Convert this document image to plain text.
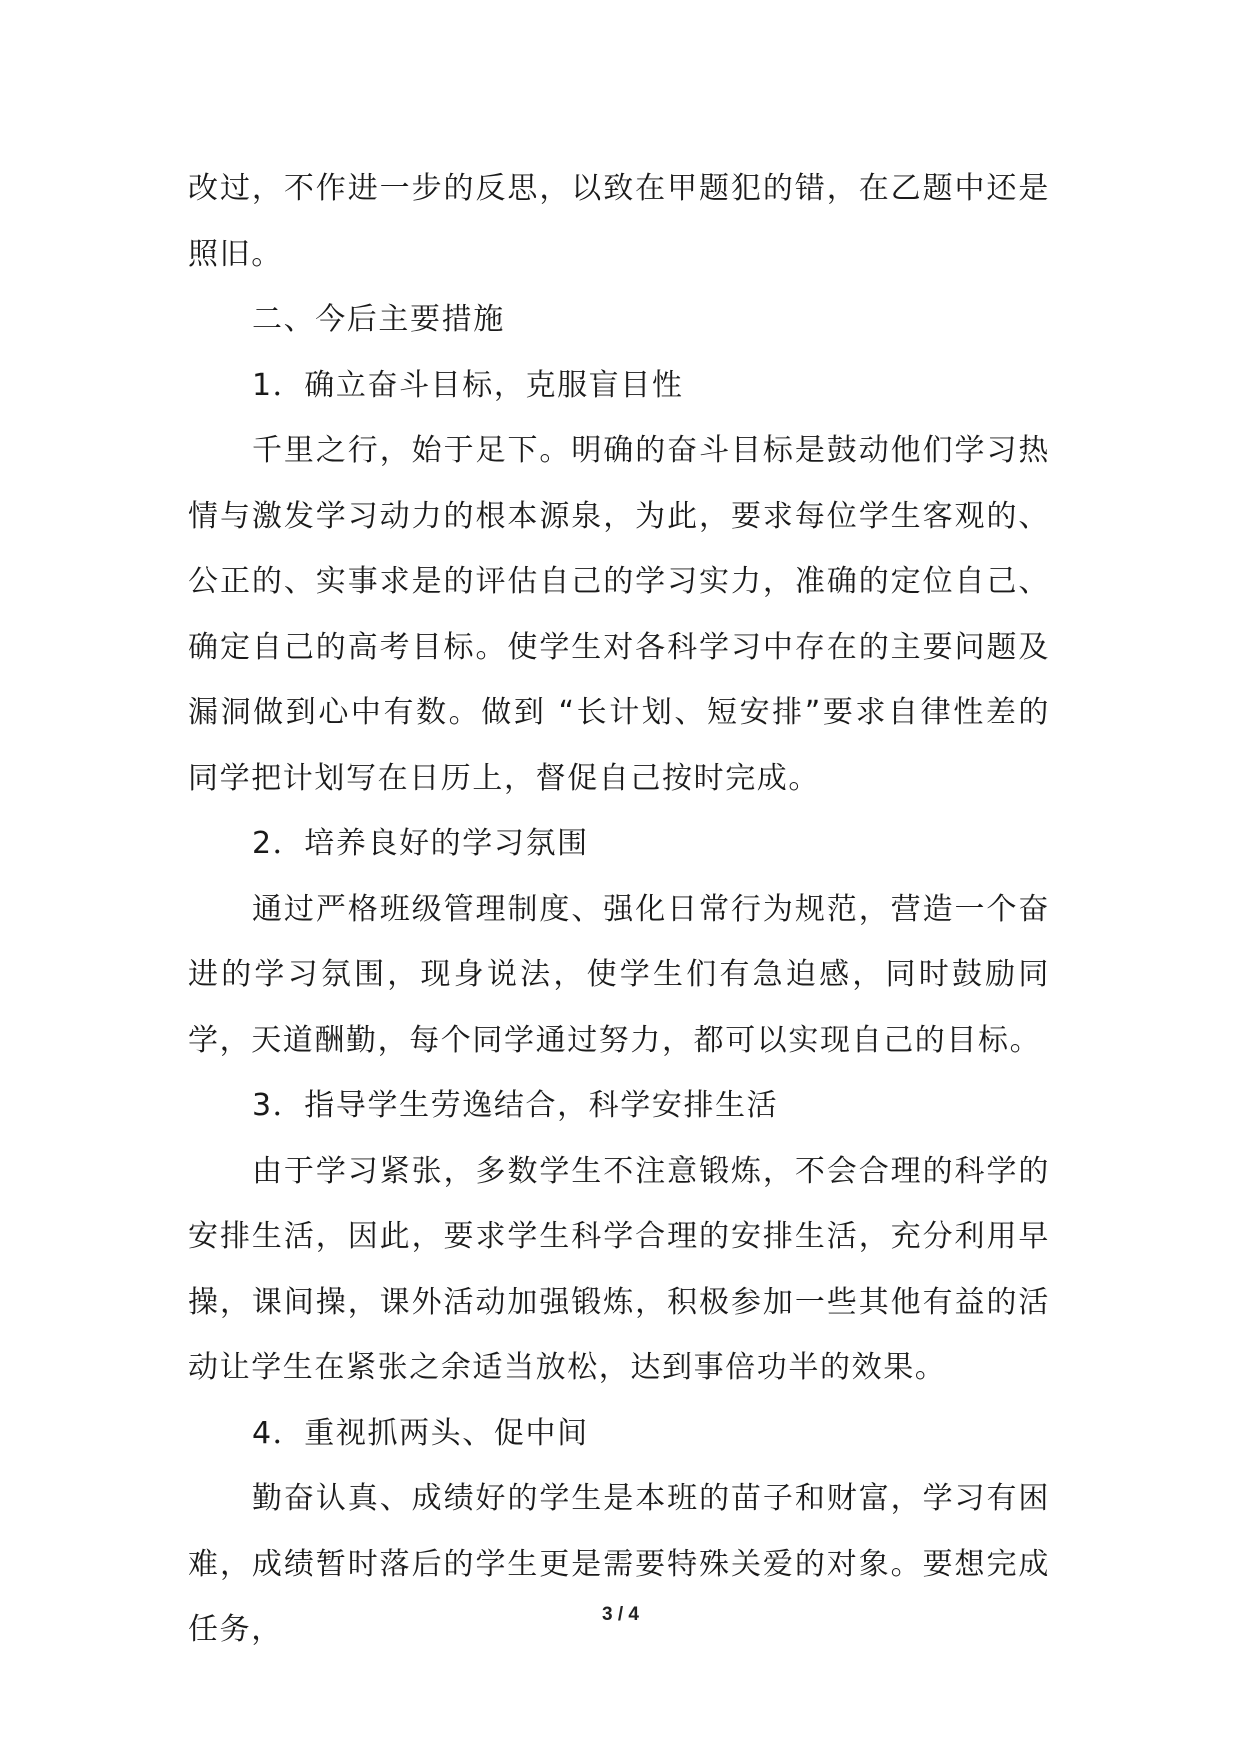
改过，不作进一步的反思，以致在甲题犯的错，在乙题中还是照旧。

二、今后主要措施

1．确立奋斗目标，克服盲目性

千里之行，始于足下。明确的奋斗目标是鼓动他们学习热情与激发学习动力的根本源泉，为此，要求每位学生客观的、公正的、实事求是的评估自己的学习实力，准确的定位自己、确定自己的高考目标。使学生对各科学习中存在的主要问题及漏洞做到心中有数。做到 “长计划、短安排”要求自律性差的同学把计划写在日历上，督促自己按时完成。

2．培养良好的学习氛围

通过严格班级管理制度、强化日常行为规范，营造一个奋进的学习氛围，现身说法，使学生们有急迫感，同时鼓励同学，天道酬勤，每个同学通过努力，都可以实现自己的目标。

3．指导学生劳逸结合，科学安排生活

由于学习紧张，多数学生不注意锻炼，不会合理的科学的安排生活，因此，要求学生科学合理的安排生活，充分利用早操，课间操，课外活动加强锻炼，积极参加一些其他有益的活动让学生在紧张之余适当放松，达到事倍功半的效果。

4．重视抓两头、促中间

勤奋认真、成绩好的学生是本班的苗子和财富，学习有困难，成绩暂时落后的学生更是需要特殊关爱的对象。要想完成任务，	3 / 4
